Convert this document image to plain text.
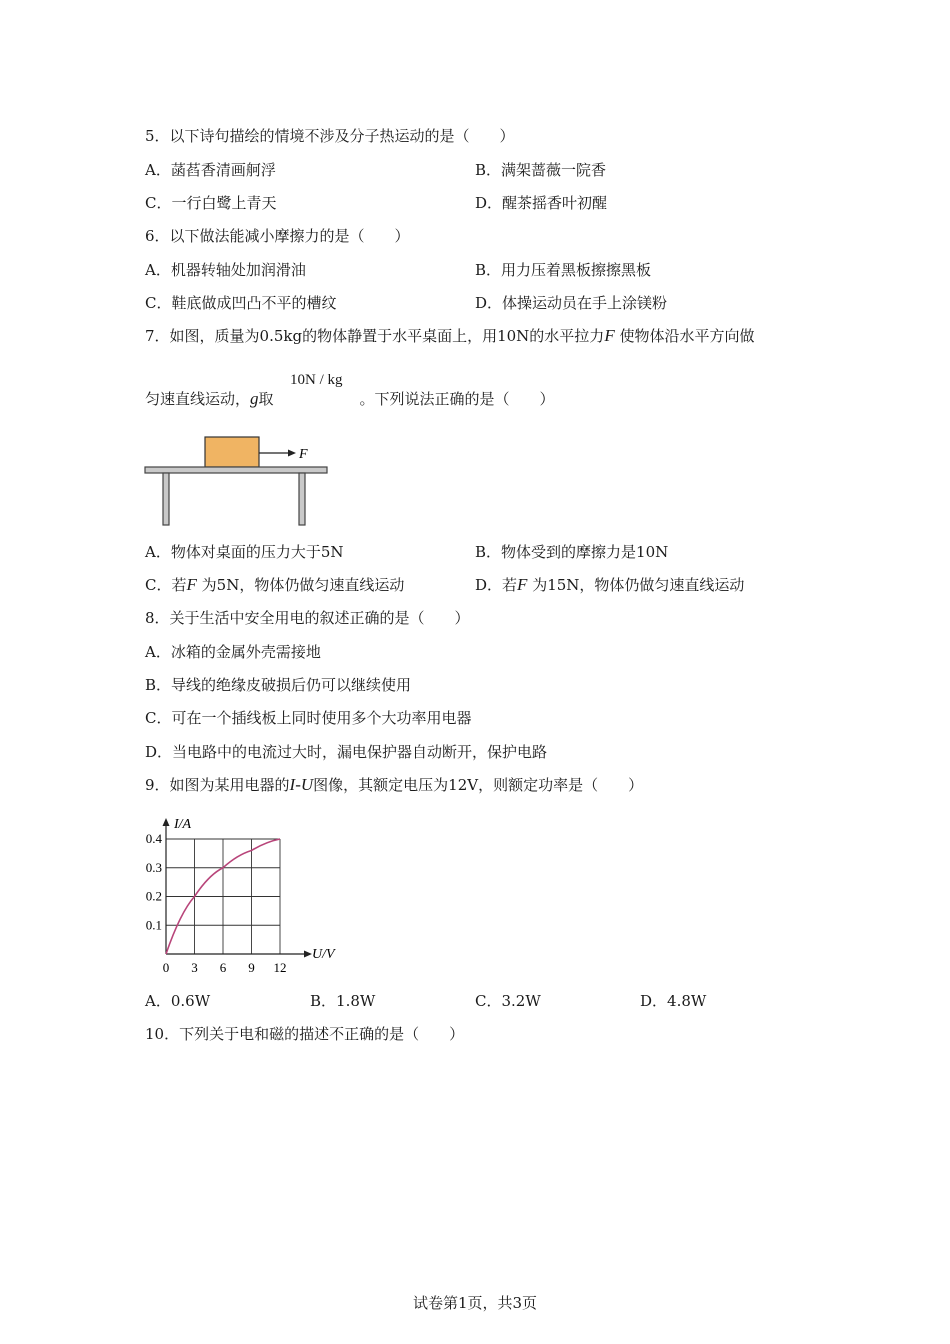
5．以下诗句描绘的情境不涉及分子热运动的是（　　）
A．菡萏香清画舸浮	B．满架蔷薇一院香
C．一行白鹭上青天	D．醒茶摇香叶初醒
6．以下做法能减小摩擦力的是（　　）
A．机器转轴处加润滑油	B．用力压着黑板擦擦黑板
C．鞋底做成凹凸不平的槽纹	D．体操运动员在手上涂镁粉
7．如图，质量为0.5kg的物体静置于水平桌面上，用10N的水平拉力F 使物体沿水平方向做
匀速直线运动，g取	。下列说法正确的是（　　）
10N / kg
F
A．物体对桌面的压力大于5N	B．物体受到的摩擦力是10N
C．若F 为5N，物体仍做匀速直线运动	D．若F 为15N，物体仍做匀速直线运动
8．关于生活中安全用电的叙述正确的是（　　）
A．冰箱的金属外壳需接地
B．导线的绝缘皮破损后仍可以继续使用
C．可在一个插线板上同时使用多个大功率用电器
D．当电路中的电流过大时，漏电保护器自动断开，保护电路
9．如图为某用电器的I-U图像，其额定电压为12V，则额定功率是（　　）
I/A
U/V
0 3 6 9 12
0.1
0.2
0.3
0.4
A．0.6W	B．1.8W	C．3.2W	D．4.8W
10．下列关于电和磁的描述不正确的是（　　）
试卷第1页，共3页
